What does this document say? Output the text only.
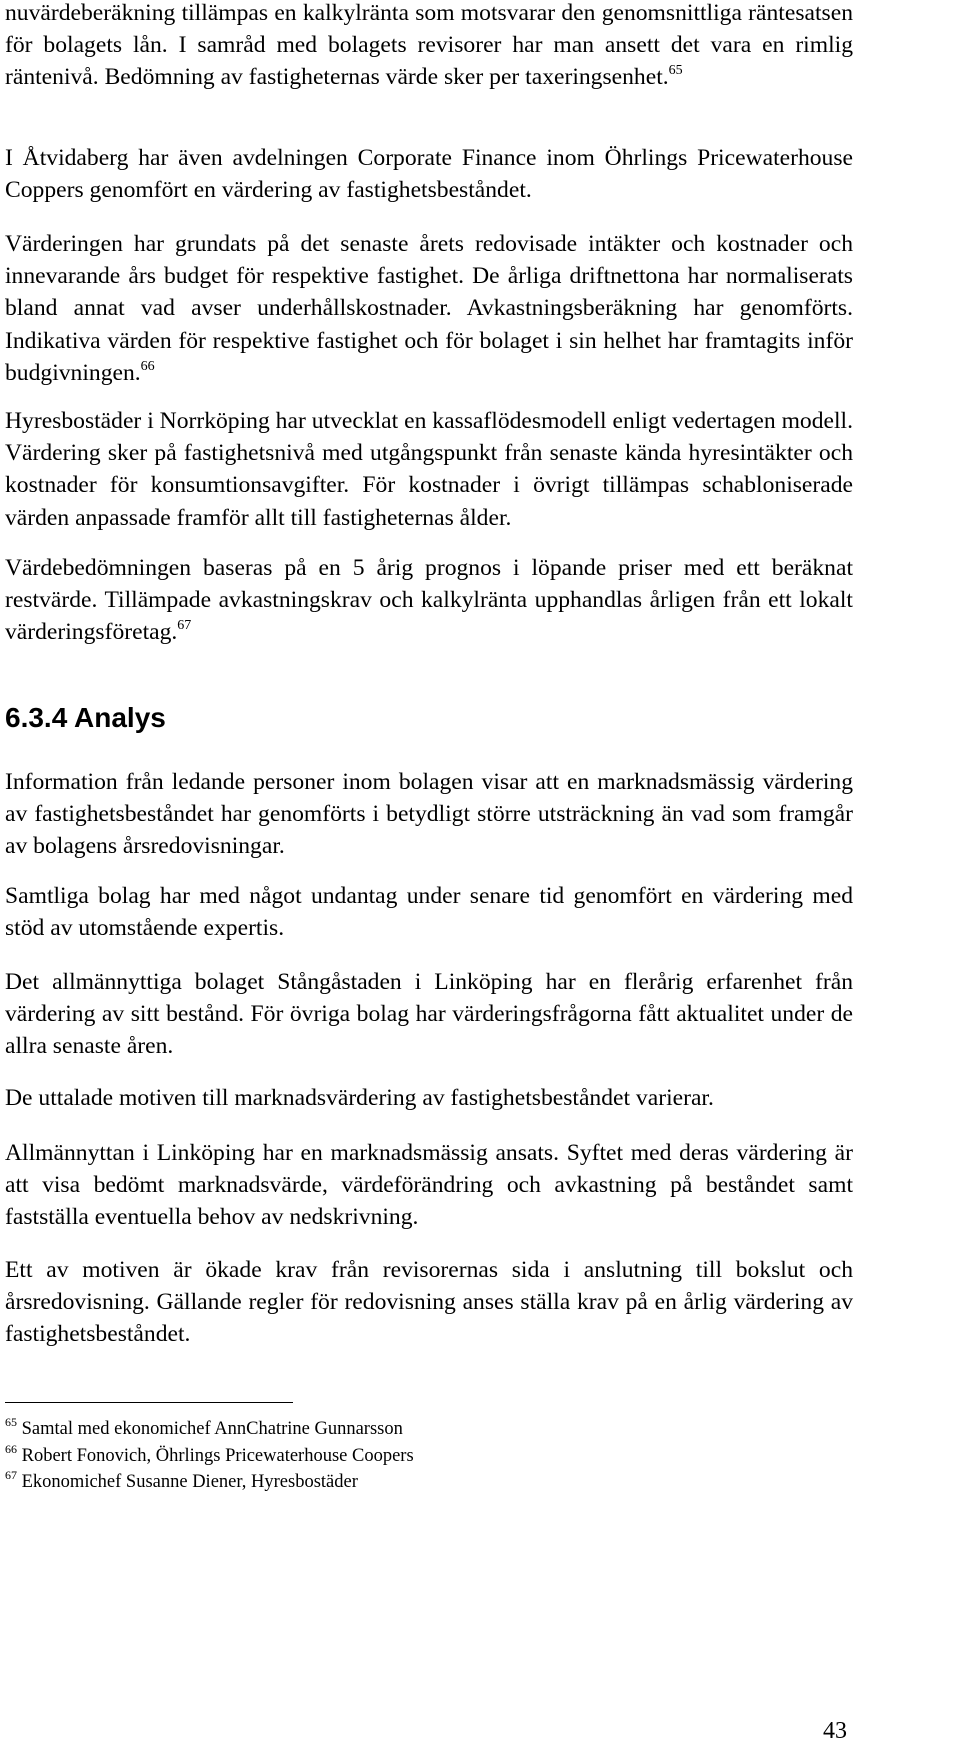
nuvärdeberäkning tillämpas en kalkylränta som motsvarar den genomsnittliga räntesatsen för bolagets lån. I samråd med bolagets revisorer har man ansett det vara en rimlig räntenivå. Bedömning av fastigheternas värde sker per taxeringsenhet.$^{65}$

I Åtvidaberg har även avdelningen Corporate Finance inom Öhrlings Pricewaterhouse Coppers genomfört en värdering av fastighetsbeståndet.

Värderingen har grundats på det senaste årets redovisade intäkter och kostnader och innevarande års budget för respektive fastighet. De årliga driftnettona har normaliserats bland annat vad avser underhållskostnader. Avkastningsberäkning har genomförts. Indikativa värden för respektive fastighet och för bolaget i sin helhet har framtagits inför budgivningen.$^{66}$

Hyresbostäder i Norrköping har utvecklat en kassaflödesmodell enligt vedertagen modell. Värdering sker på fastighetsnivå med utgångspunkt från senaste kända hyresintäkter och kostnader för konsumtionsavgifter. För kostnader i övrigt tillämpas schabloniserade värden anpassade framför allt till fastigheternas ålder.

Värdebedömningen baseras på en 5 årig prognos i löpande priser med ett beräknat restvärde. Tillämpade avkastningskrav och kalkylränta upphandlas årligen från ett lokalt värderingsföretag.$^{67}$

6.3.4 Analys

Information från ledande personer inom bolagen visar att en marknadsmässig värdering av fastighetsbeståndet har genomförts i betydligt större utsträckning än vad som framgår av bolagens årsredovisningar.

Samtliga bolag har med något undantag under senare tid genomfört en värdering med stöd av utomstående expertis.

Det allmännyttiga bolaget Stångåstaden i Linköping har en flerårig erfarenhet från värdering av sitt bestånd. För övriga bolag har värderingsfrågorna fått aktualitet under de allra senaste åren.

De uttalade motiven till marknadsvärdering av fastighetsbeståndet varierar.

Allmännyttan i Linköping har en marknadsmässig ansats. Syftet med deras värdering är att visa bedömt marknadsvärde, värdeförändring och avkastning på beståndet samt fastställa eventuella behov av nedskrivning.

Ett av motiven är ökade krav från revisorernas sida i anslutning till bokslut och årsredovisning. Gällande regler för redovisning anses ställa krav på en årlig värdering av fastighetsbeståndet.

$^{65}$ Samtal med ekonomichef AnnChatrine Gunnarsson

$^{66}$ Robert Fonovich, Öhrlings Pricewaterhouse Coopers

$^{67}$ Ekonomichef Susanne Diener, Hyresbostäder

43
